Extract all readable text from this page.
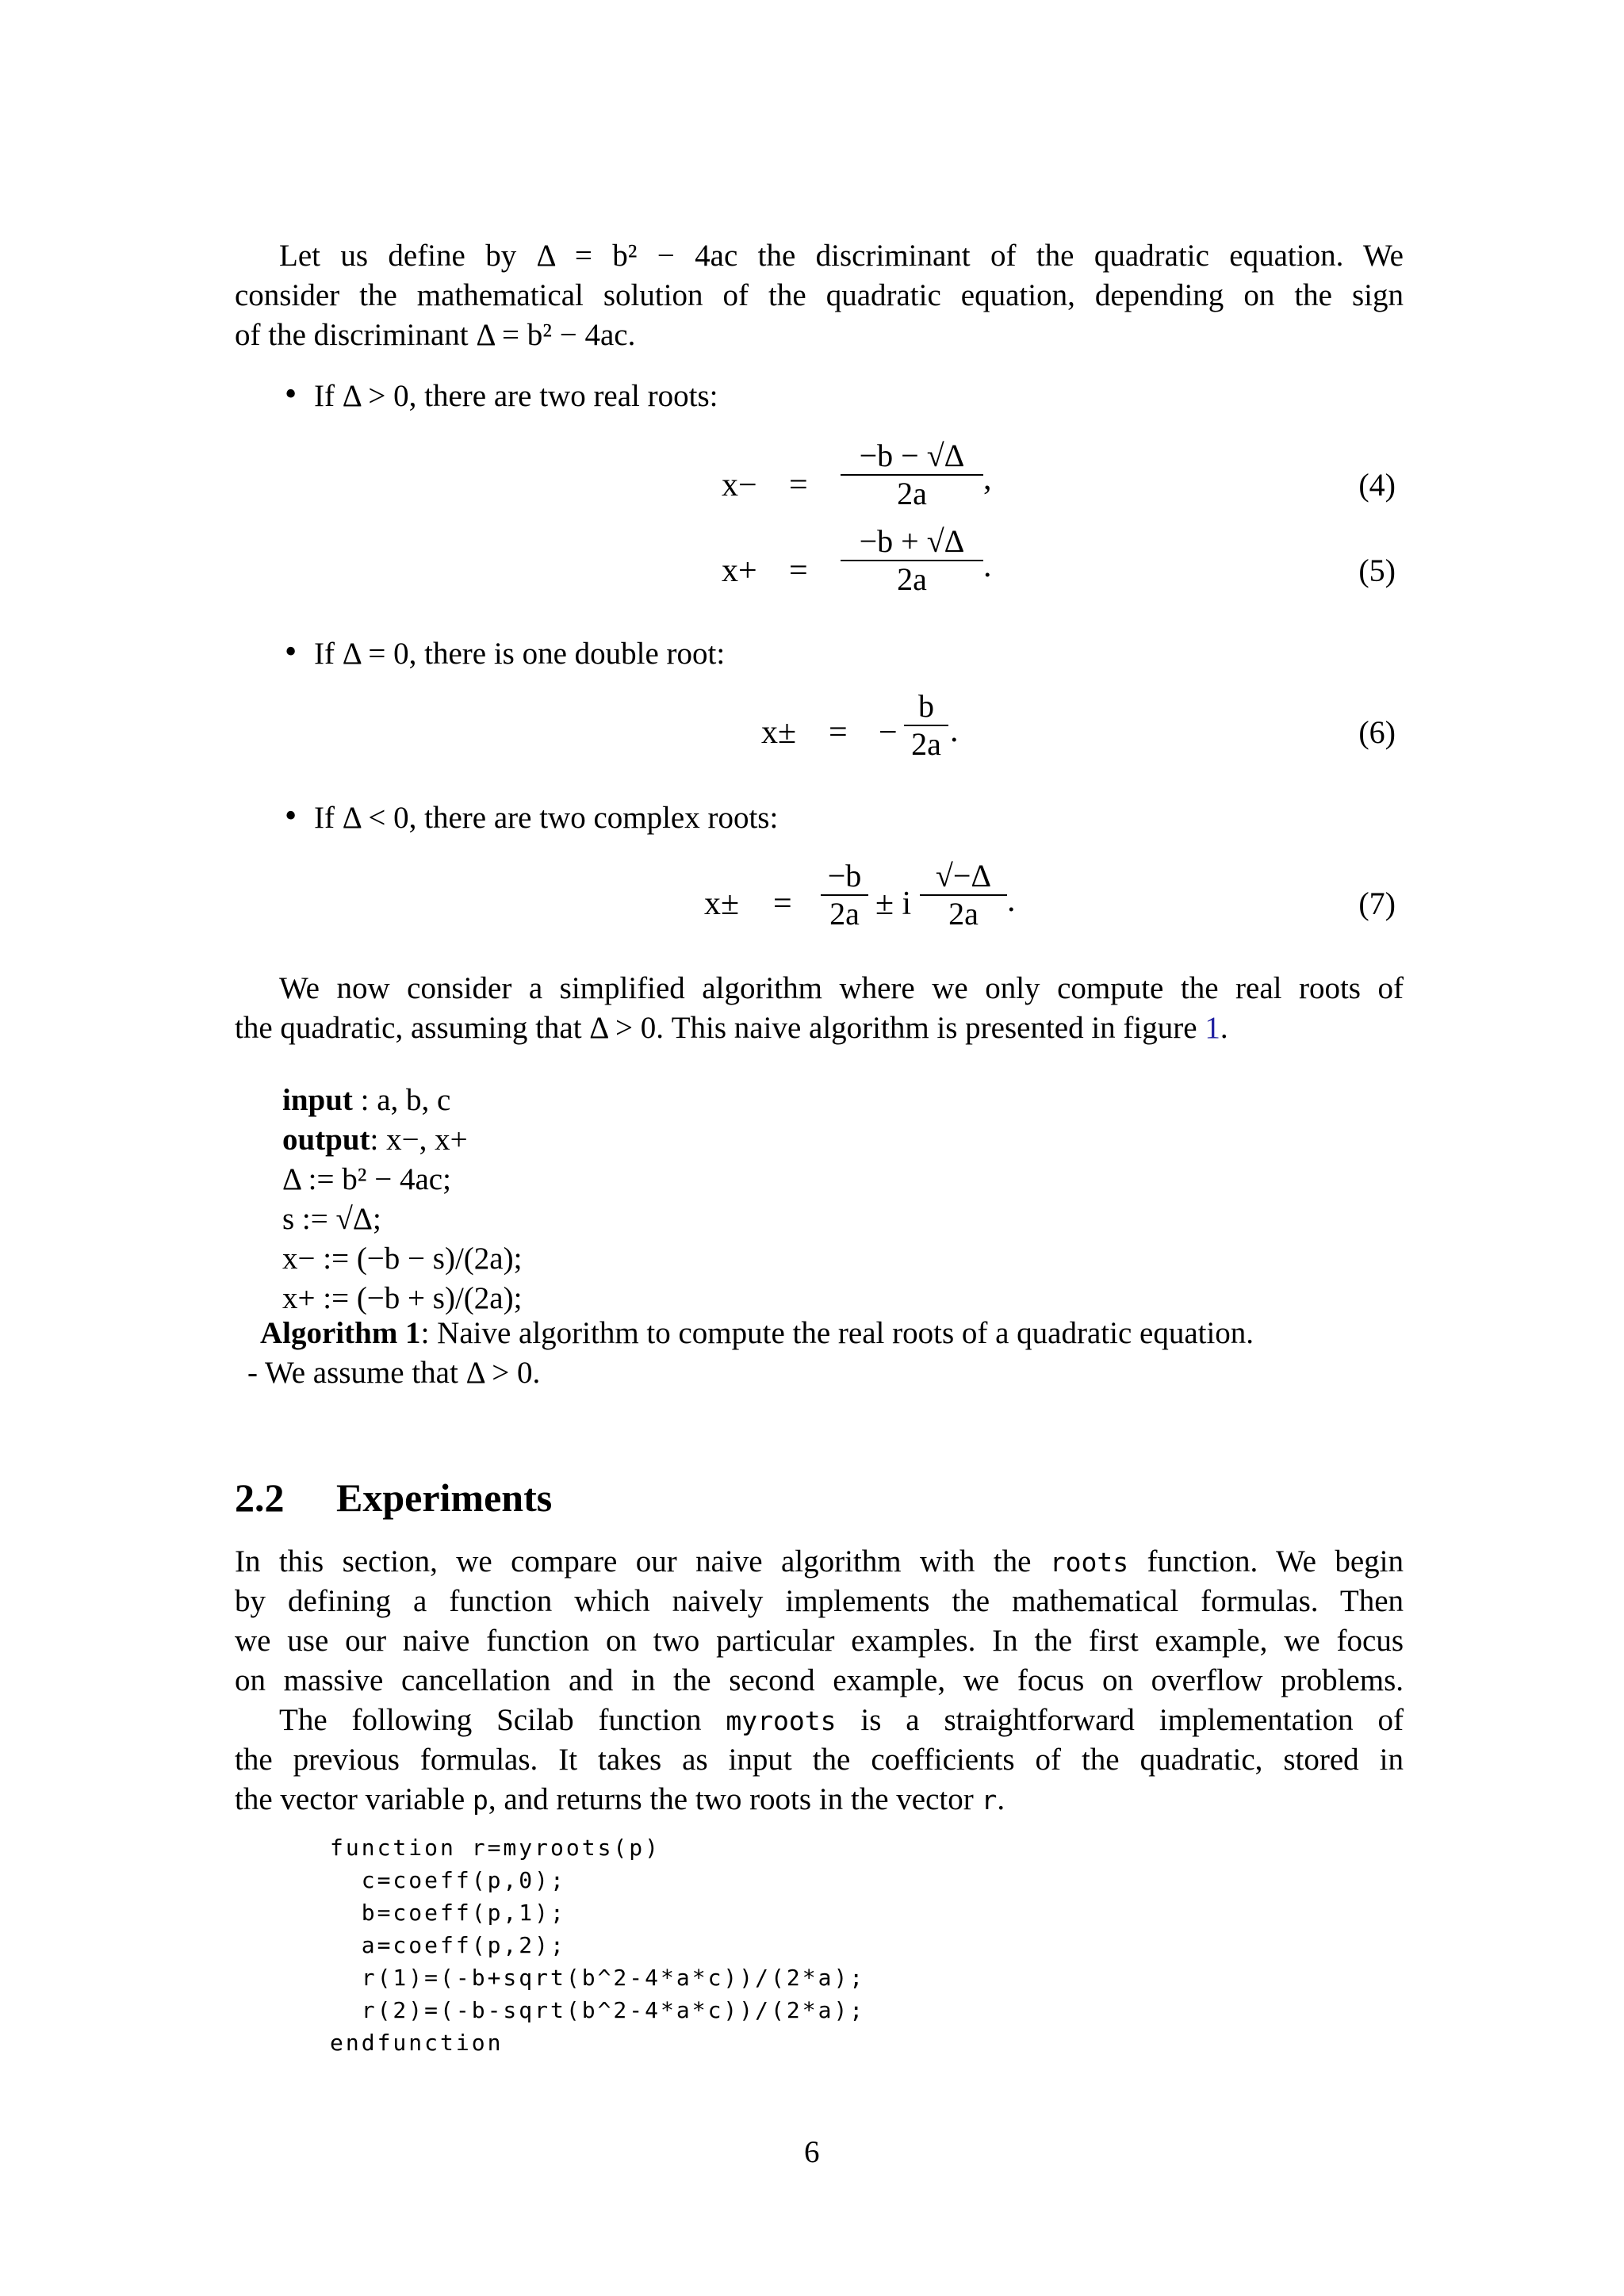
Let us define by Δ = b² − 4ac the discriminant of the quadratic equation. We
consider the mathematical solution of the quadratic equation, depending on the sign
of the discriminant Δ = b² − 4ac.
• If Δ > 0, there are two real roots:
x− =
−b − √Δ
2a	,	(4)
x+ =
−b + √Δ
2a	.	(5)
• If Δ = 0, there is one double root:
x± = −
b
2a .	(6)
• If Δ < 0, there are two complex roots:
x± =
−b
2a ± i
√−Δ
2a .	(7)
We now consider a simplified algorithm where we only compute the real roots of
the quadratic, assuming that Δ > 0. This naive algorithm is presented in figure 1.
input : a, b, c
output: x−, x+
Δ := b² − 4ac;
s := √Δ;
x− := (−b − s)/(2a);
x+ := (−b + s)/(2a);
Algorithm 1: Naive algorithm to compute the real roots of a quadratic equation.
- We assume that Δ > 0.
2.2 Experiments
In this section, we compare our naive algorithm with the roots function. We begin
by defining a function which naively implements the mathematical formulas. Then
we use our naive function on two particular examples. In the first example, we focus
on massive cancellation and in the second example, we focus on overflow problems.
The following Scilab function myroots is a straightforward implementation of
the previous formulas. It takes as input the coefficients of the quadratic, stored in
the vector variable p, and returns the two roots in the vector r.
function r=myroots(p)
c=coeff(p,0);
b=coeff(p,1);
a=coeff(p,2);
r(1)=(-b+sqrt(b^2-4*a*c))/(2*a);
r(2)=(-b-sqrt(b^2-4*a*c))/(2*a);
endfunction
6
